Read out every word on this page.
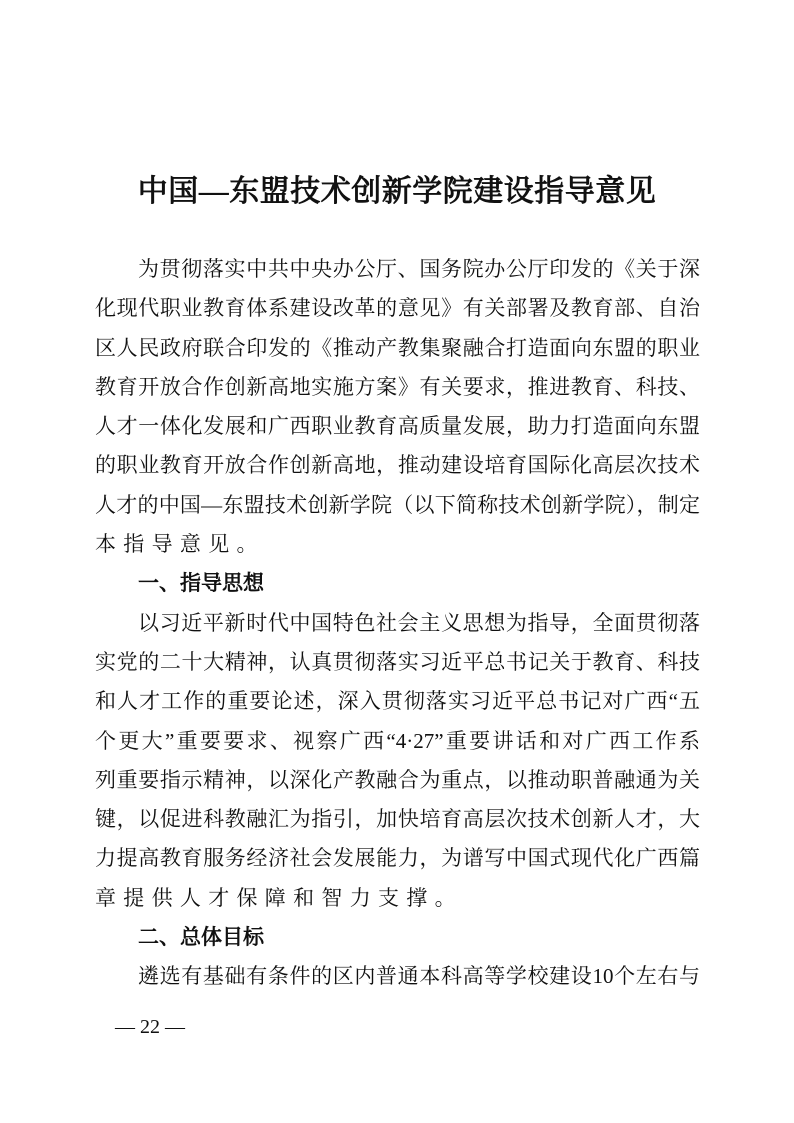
中国—东盟技术创新学院建设指导意见
为贯彻落实中共中央办公厅、国务院办公厅印发的《关于深
化现代职业教育体系建设改革的意见》有关部署及教育部、自治
区人民政府联合印发的《推动产教集聚融合打造面向东盟的职业
教育开放合作创新高地实施方案》有关要求，推进教育、科技、
人才一体化发展和广西职业教育高质量发展，助力打造面向东盟
的职业教育开放合作创新高地，推动建设培育国际化高层次技术
人才的中国—东盟技术创新学院（以下简称技术创新学院），制定
本指导意见。
一、指导思想
以习近平新时代中国特色社会主义思想为指导，全面贯彻落
实党的二十大精神，认真贯彻落实习近平总书记关于教育、科技
和人才工作的重要论述，深入贯彻落实习近平总书记对广西“五
个更大”重要要求、视察广西“4·27”重要讲话和对广西工作系
列重要指示精神，以深化产教融合为重点，以推动职普融通为关
键，以促进科教融汇为指引，加快培育高层次技术创新人才，大
力提高教育服务经济社会发展能力，为谱写中国式现代化广西篇
章提供人才保障和智力支撑。
二、总体目标
遴选有基础有条件的区内普通本科高等学校建设10个左右与
— 22 —
